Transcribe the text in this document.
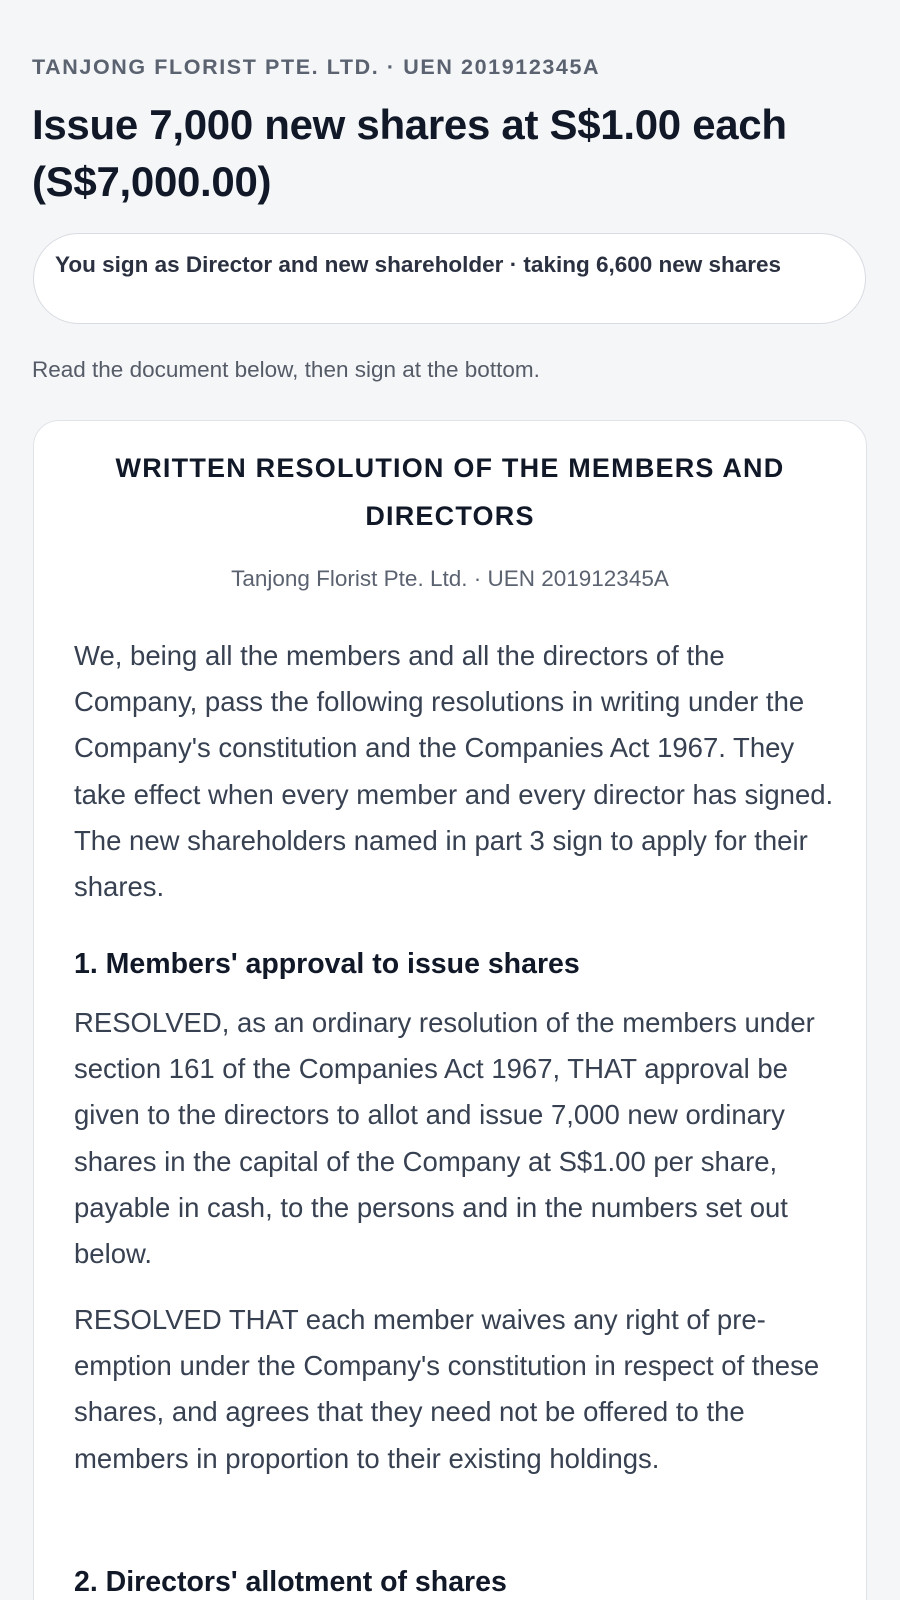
TANJONG FLORIST PTE. LTD. · UEN 201912345A
Issue 7,000 new shares at S$1.00 each (S$7,000.00)
You sign as Director and new shareholder · taking 6,600 new shares
Read the document below, then sign at the bottom.
WRITTEN RESOLUTION OF THE MEMBERS AND DIRECTORS
Tanjong Florist Pte. Ltd. · UEN 201912345A

We, being all the members and all the directors of the Company, pass the following resolutions in writing under the Company's constitution and the Companies Act 1967. They take effect when every member and every director has signed. The new shareholders named in part 3 sign to apply for their shares.

1. Members' approval to issue shares

RESOLVED, as an ordinary resolution of the members under section 161 of the Companies Act 1967, THAT approval be given to the directors to allot and issue 7,000 new ordinary shares in the capital of the Company at S$1.00 per share, payable in cash, to the persons and in the numbers set out below.

RESOLVED THAT each member waives any right of pre-emption under the Company's constitution in respect of these shares, and agrees that they need not be offered to the members in proportion to their existing holdings.

2. Directors' allotment of shares
